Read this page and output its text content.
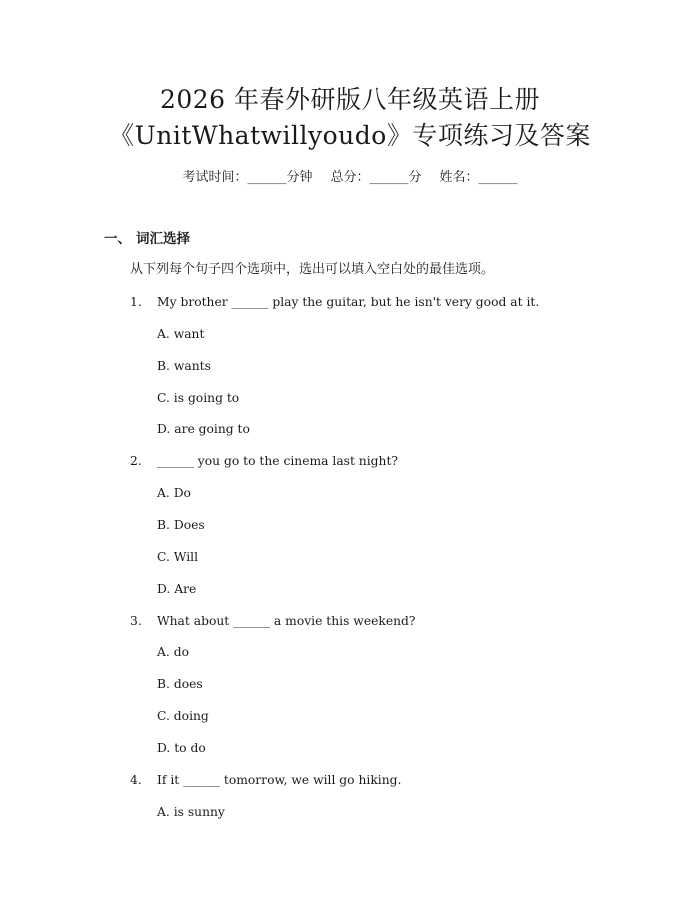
2026 年春外研版八年级英语上册
《UnitWhatwillyoudo》专项练习及答案
考试时间：______分钟 总分：______分 姓名：______
一、 词汇选择
从下列每个句子四个选项中，选出可以填入空白处的最佳选项。
1. My brother ______ play the guitar, but he isn't very good at it.
A. want
B. wants
C. is going to
D. are going to
2. ______ you go to the cinema last night?
A. Do
B. Does
C. Will
D. Are
3. What about ______ a movie this weekend?
A. do
B. does
C. doing
D. to do
4. If it ______ tomorrow, we will go hiking.
A. is sunny
